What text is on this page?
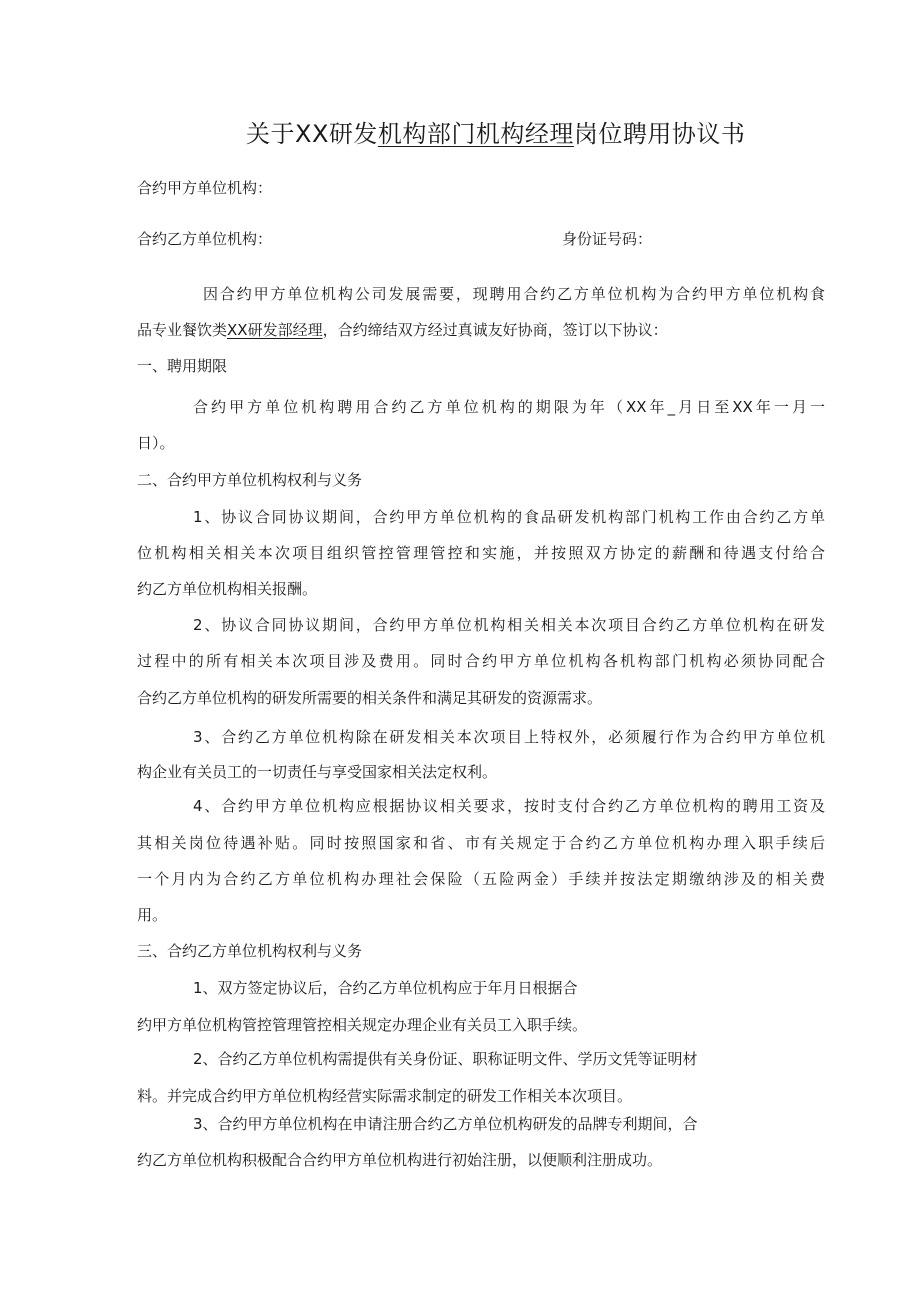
关于XX研发机构部门机构经理岗位聘用协议书
合约甲方单位机构：
合约乙方单位机构：	身份证号码：
因合约甲方单位机构公司发展需要，现聘用合约乙方单位机构为合约甲方单位机构食
品专业餐饮类XX研发部经理，合约缔结双方经过真诚友好协商，签订以下协议：
一、聘用期限
合约甲方单位机构聘用合约乙方单位机构的期限为年（XX年_月日至XX年一月一
日）。
二、合约甲方单位机构权利与义务
1、协议合同协议期间，合约甲方单位机构的食品研发机构部门机构工作由合约乙方单
位机构相关相关本次项目组织管控管理管控和实施，并按照双方协定的薪酬和待遇支付给合
约乙方单位机构相关报酬。
2、协议合同协议期间，合约甲方单位机构相关相关本次项目合约乙方单位机构在研发
过程中的所有相关本次项目涉及费用。同时合约甲方单位机构各机构部门机构必须协同配合
合约乙方单位机构的研发所需要的相关条件和满足其研发的资源需求。
3、合约乙方单位机构除在研发相关本次项目上特权外，必须履行作为合约甲方单位机
构企业有关员工的一切责任与享受国家相关法定权利。
4、合约甲方单位机构应根据协议相关要求，按时支付合约乙方单位机构的聘用工资及
其相关岗位待遇补贴。同时按照国家和省、市有关规定于合约乙方单位机构办理入职手续后
一个月内为合约乙方单位机构办理社会保险（五险两金）手续并按法定期缴纳涉及的相关费
用。
三、合约乙方单位机构权利与义务
1、双方签定协议后，合约乙方单位机构应于年月日根据合
约甲方单位机构管控管理管控相关规定办理企业有关员工入职手续。
2、合约乙方单位机构需提供有关身份证、职称证明文件、学历文凭等证明材
料。并完成合约甲方单位机构经营实际需求制定的研发工作相关本次项目。
3、合约甲方单位机构在申请注册合约乙方单位机构研发的品牌专利期间，合
约乙方单位机构积极配合合约甲方单位机构进行初始注册，以便顺利注册成功。
